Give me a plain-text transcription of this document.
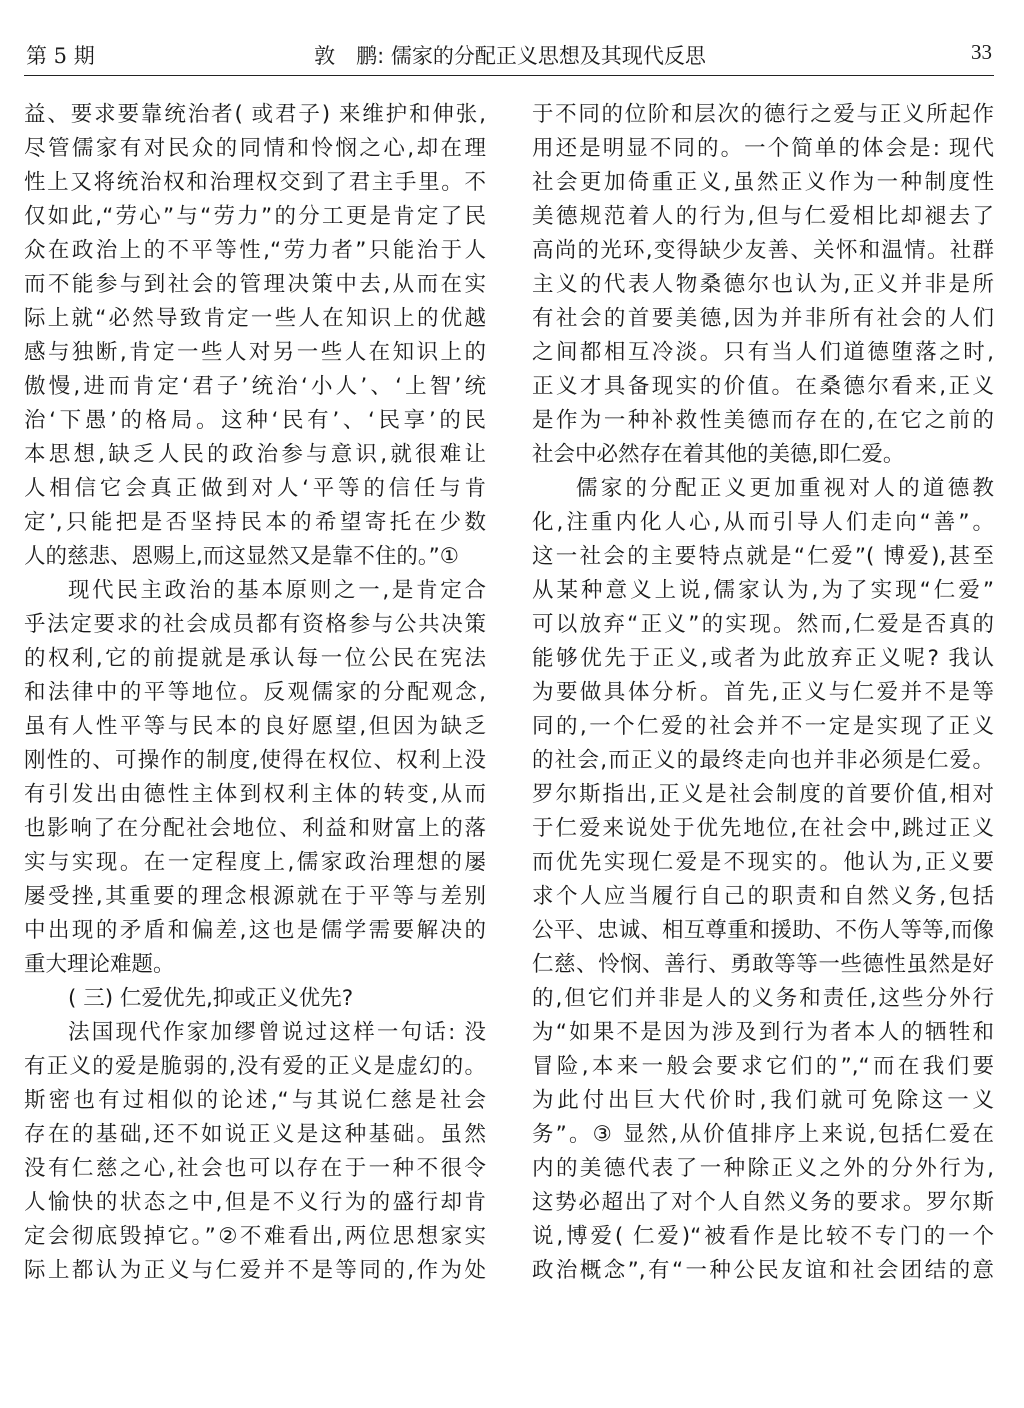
第 5 期	敦　鹏: 儒家的分配正义思想及其现代反思	33
益、要求要靠统治者( 或君子) 来维护和伸张,
尽管儒家有对民众的同情和怜悯之心,却在理
性上又将统治权和治理权交到了君主手里。不
仅如此,“劳心”与“劳力”的分工更是肯定了民
众在政治上的不平等性,“劳力者”只能治于人
而不能参与到社会的管理决策中去,从而在实
际上就“必然导致肯定一些人在知识上的优越
感与独断,肯定一些人对另一些人在知识上的
傲慢,进而肯定‘君子’统治‘小人’、‘上智’统
治‘下愚’的格局。这种‘民有’、‘民享’的民
本思想,缺乏人民的政治参与意识,就很难让
人相信它会真正做到对人‘平等的信任与肯
定’,只能把是否坚持民本的希望寄托在少数
人的慈悲、恩赐上,而这显然又是靠不住的。”①
现代民主政治的基本原则之一,是肯定合
乎法定要求的社会成员都有资格参与公共决策
的权利,它的前提就是承认每一位公民在宪法
和法律中的平等地位。反观儒家的分配观念,
虽有人性平等与民本的良好愿望,但因为缺乏
刚性的、可操作的制度,使得在权位、权利上没
有引发出由德性主体到权利主体的转变,从而
也影响了在分配社会地位、利益和财富上的落
实与实现。在一定程度上,儒家政治理想的屡
屡受挫,其重要的理念根源就在于平等与差别
中出现的矛盾和偏差,这也是儒学需要解决的
重大理论难题。
( 三) 仁爱优先,抑或正义优先?
法国现代作家加缪曾说过这样一句话: 没
有正义的爱是脆弱的,没有爱的正义是虚幻的。
斯密也有过相似的论述,“与其说仁慈是社会
存在的基础,还不如说正义是这种基础。虽然
没有仁慈之心,社会也可以存在于一种不很令
人愉快的状态之中,但是不义行为的盛行却肯
定会彻底毁掉它。”②不难看出,两位思想家实
际上都认为正义与仁爱并不是等同的,作为处
于不同的位阶和层次的德行之爱与正义所起作
用还是明显不同的。一个简单的体会是: 现代
社会更加倚重正义,虽然正义作为一种制度性
美德规范着人的行为,但与仁爱相比却褪去了
高尚的光环,变得缺少友善、关怀和温情。社群
主义的代表人物桑德尔也认为,正义并非是所
有社会的首要美德,因为并非所有社会的人们
之间都相互冷淡。只有当人们道德堕落之时,
正义才具备现实的价值。在桑德尔看来,正义
是作为一种补救性美德而存在的,在它之前的
社会中必然存在着其他的美德,即仁爱。
儒家的分配正义更加重视对人的道德教
化,注重内化人心,从而引导人们走向“善”。
这一社会的主要特点就是“仁爱”( 博爱),甚至
从某种意义上说,儒家认为,为了实现“仁爱”
可以放弃“正义”的实现。然而,仁爱是否真的
能够优先于正义,或者为此放弃正义呢? 我认
为要做具体分析。首先,正义与仁爱并不是等
同的,一个仁爱的社会并不一定是实现了正义
的社会,而正义的最终走向也并非必须是仁爱。
罗尔斯指出,正义是社会制度的首要价值,相对
于仁爱来说处于优先地位,在社会中,跳过正义
而优先实现仁爱是不现实的。他认为,正义要
求个人应当履行自己的职责和自然义务,包括
公平、忠诚、相互尊重和援助、不伤人等等,而像
仁慈、怜悯、善行、勇敢等等一些德性虽然是好
的,但它们并非是人的义务和责任,这些分外行
为“如果不是因为涉及到行为者本人的牺牲和
冒险,本来一般会要求它们的”,“而在我们要
为此付出巨大代价时,我们就可免除这一义
务”。③ 显然,从价值排序上来说,包括仁爱在
内的美德代表了一种除正义之外的分外行为,
这势必超出了对个人自然义务的要求。罗尔斯
说,博爱( 仁爱)“被看作是比较不专门的一个
政治概念”,有“一种公民友谊和社会团结的意
